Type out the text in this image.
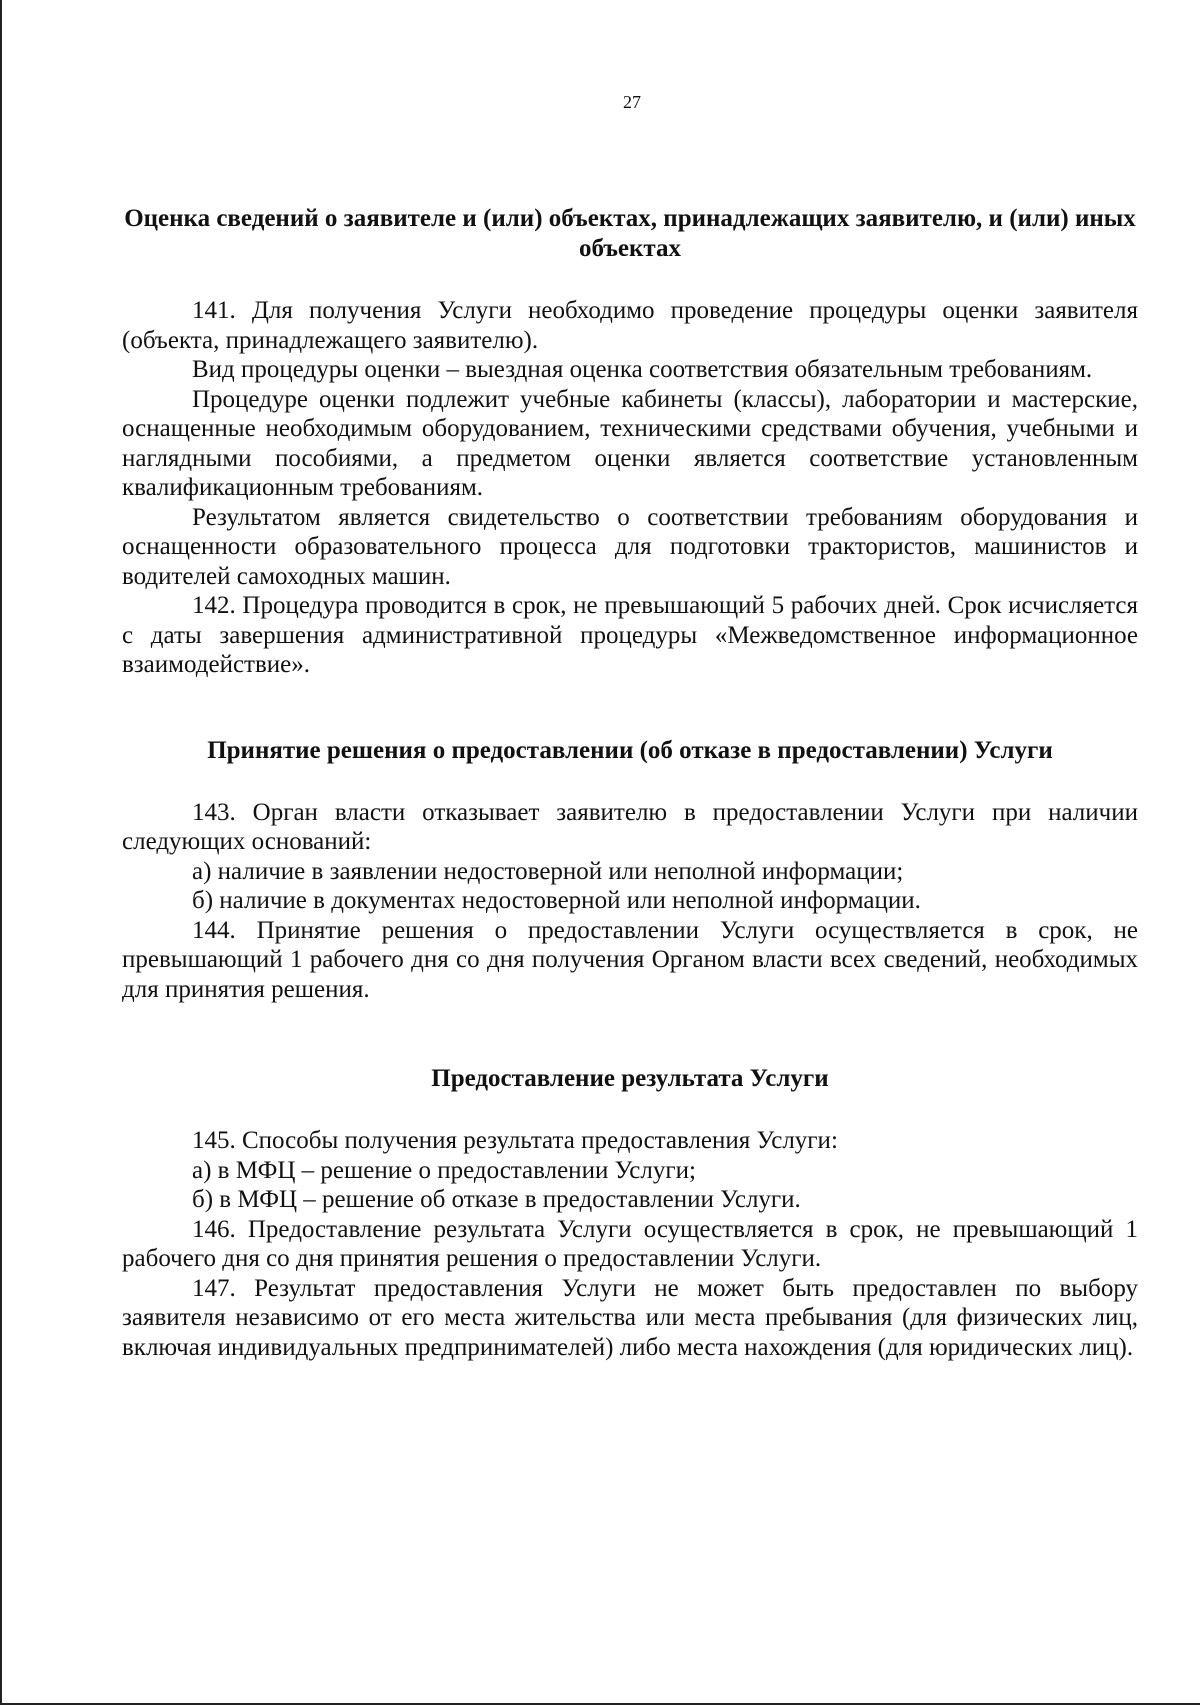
27

Оценка сведений о заявителе и (или) объектах, принадлежащих заявителю, и (или) иных объектах

141. Для получения Услуги необходимо проведение процедуры оценки заявителя (объекта, принадлежащего заявителю).

Вид процедуры оценки – выездная оценка соответствия обязательным требованиям.

Процедуре оценки подлежит учебные кабинеты (классы), лаборатории и мастерские, оснащенные необходимым оборудованием, техническими средствами обучения, учебными и наглядными пособиями, а предметом оценки является соответствие установленным квалификационным требованиям.

Результатом является свидетельство о соответствии требованиям оборудования и оснащенности образовательного процесса для подготовки трактористов, машинистов и водителей самоходных машин.

142. Процедура проводится в срок, не превышающий 5 рабочих дней. Срок исчисляется с даты завершения административной процедуры «Межведомственное информационное взаимодействие».

Принятие решения о предоставлении (об отказе в предоставлении) Услуги

143. Орган власти отказывает заявителю в предоставлении Услуги при наличии следующих оснований:

а) наличие в заявлении недостоверной или неполной информации;

б) наличие в документах недостоверной или неполной информации.

144. Принятие решения о предоставлении Услуги осуществляется в срок, не превышающий 1 рабочего дня со дня получения Органом власти всех сведений, необходимых для принятия решения.

Предоставление результата Услуги

145. Способы получения результата предоставления Услуги:

а) в МФЦ – решение о предоставлении Услуги;

б) в МФЦ – решение об отказе в предоставлении Услуги.

146. Предоставление результата Услуги осуществляется в срок, не превышающий 1 рабочего дня со дня принятия решения о предоставлении Услуги.

147. Результат предоставления Услуги не может быть предоставлен по выбору заявителя независимо от его места жительства или места пребывания (для физических лиц, включая индивидуальных предпринимателей) либо места нахождения (для юридических лиц).
